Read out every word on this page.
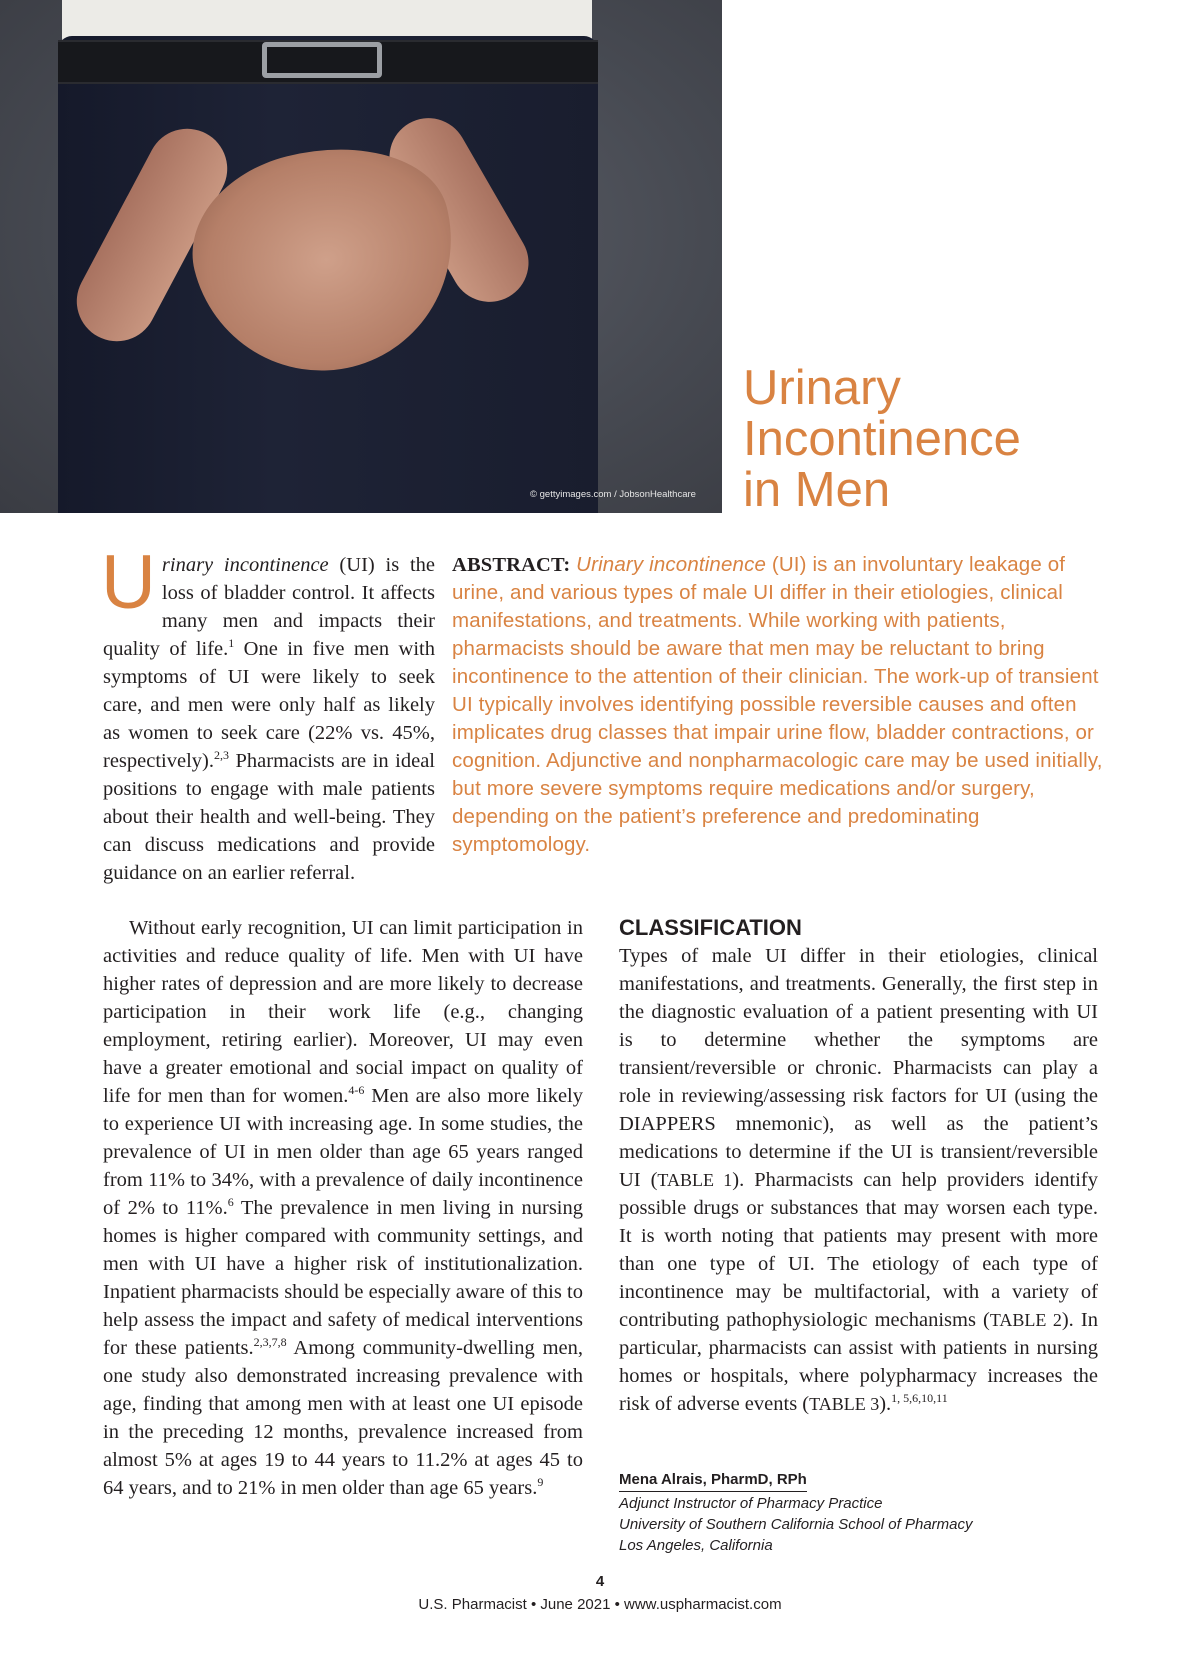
© gettyimages.com / JobsonHealthcare
Urinary
Incontinence
in Men

Urinary incontinence (UI) is the loss of bladder control. It affects many men and impacts their quality of life.$^1$ One in five men with symptoms of UI were likely to seek care, and men were only half as likely as women to seek care (22% vs. 45%, respectively).$^{2,3}$ Pharmacists are in ideal positions to engage with male patients about their health and well-being. They can discuss medications and provide guidance on an earlier referral.

ABSTRACT: Urinary incontinence (UI) is an involuntary leakage of urine, and various types of male UI differ in their etiologies, clinical manifestations, and treatments. While working with patients, pharmacists should be aware that men may be reluctant to bring incontinence to the attention of their clinician. The work-up of transient UI typically involves identifying possible reversible causes and often implicates drug classes that impair urine flow, bladder contractions, or cognition. Adjunctive and nonpharmacologic care may be used initially, but more severe symptoms require medications and/or surgery, depending on the patient’s preference and predominating symptomology.

Without early recognition, UI can limit participation in activities and reduce quality of life. Men with UI have higher rates of depression and are more likely to decrease participation in their work life (e.g., changing employment, retiring earlier). Moreover, UI may even have a greater emotional and social impact on quality of life for men than for women.$^{4-6}$ Men are also more likely to experience UI with increasing age. In some studies, the prevalence of UI in men older than age 65 years ranged from 11% to 34%, with a prevalence of daily incontinence of 2% to 11%.$^6$ The prevalence in men living in nursing homes is higher compared with community settings, and men with UI have a higher risk of institutionalization. Inpatient pharmacists should be especially aware of this to help assess the impact and safety of medical interventions for these patients.$^{2,3,7,8}$ Among community-dwelling men, one study also demonstrated increasing prevalence with age, finding that among men with at least one UI episode in the preceding 12 months, prevalence increased from almost 5% at ages 19 to 44 years to 11.2% at ages 45 to 64 years, and to 21% in men older than age 65 years.$^9$

CLASSIFICATION

Types of male UI differ in their etiologies, clinical manifestations, and treatments. Generally, the first step in the diagnostic evaluation of a patient presenting with UI is to determine whether the symptoms are transient/reversible or chronic. Pharmacists can play a role in reviewing/assessing risk factors for UI (using the DIAPPERS mnemonic), as well as the patient’s medications to determine if the UI is transient/reversible UI (TABLE 1). Pharmacists can help providers identify possible drugs or substances that may worsen each type. It is worth noting that patients may present with more than one type of UI. The etiology of each type of incontinence may be multifactorial, with a variety of contributing pathophysiologic mechanisms (TABLE 2). In particular, pharmacists can assist with patients in nursing homes or hospitals, where polypharmacy increases the risk of adverse events (TABLE 3).$^{1, 5,6,10,11}$

Mena Alrais, PharmD, RPh
Adjunct Instructor of Pharmacy Practice
University of Southern California School of Pharmacy
Los Angeles, California
4
U.S. Pharmacist • June 2021 • www.uspharmacist.com
